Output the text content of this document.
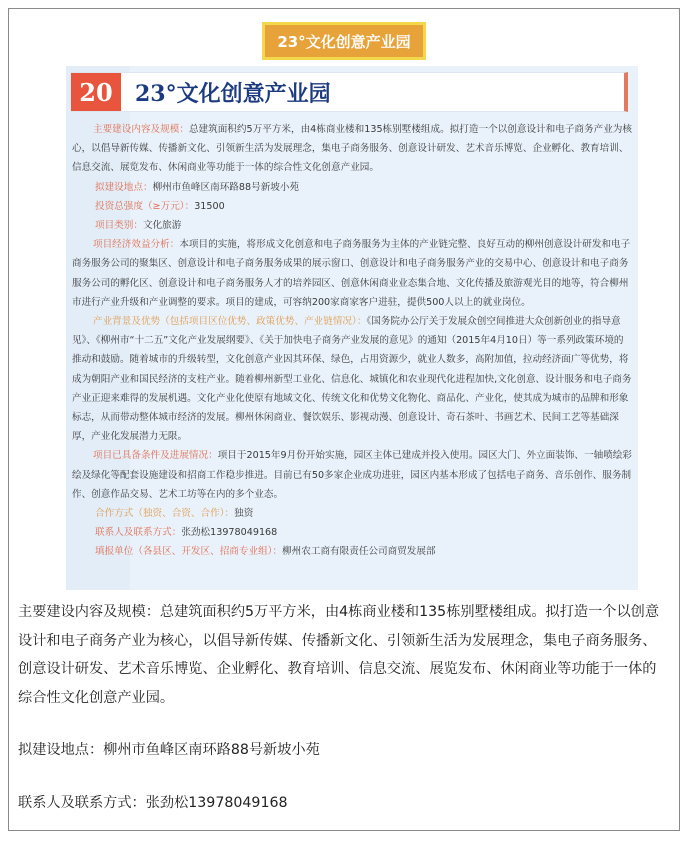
23°文化创意产业园
20	23°文化创意产业园
主要建设内容及规模：总建筑面积约5万平方米，由4栋商业楼和135栋别墅楼组成。拟打造一个以创意设计和电子商务产业为核心，以倡导新传媒、传播新文化、引领新生活为发展理念，集电子商务服务、创意设计研发、艺术音乐博览、企业孵化、教育培训、信息交流、展览发布、休闲商业等功能于一体的综合性文化创意产业园。
拟建设地点：柳州市鱼峰区南环路88号新坡小苑
投资总强度（≥万元）：31500
项目类别：文化旅游
项目经济效益分析：本项目的实施，将形成文化创意和电子商务服务为主体的产业链完整、良好互动的柳州创意设计研发和电子商务服务公司的聚集区、创意设计和电子商务服务成果的展示窗口、创意设计和电子商务服务产业的交易中心、创意设计和电子商务服务公司的孵化区、创意设计和电子商务服务人才的培养园区、创意休闲商业业态集合地、文化传播及旅游观光目的地等，符合柳州市进行产业升级和产业调整的要求。项目的建成，可容纳200家商家客户进驻，提供500人以上的就业岗位。
产业背景及优势（包括项目区位优势、政策优势、产业链情况）：《国务院办公厅关于发展众创空间推进大众创新创业的指导意见》、《柳州市“十二五”文化产业发展纲要》、《关于加快电子商务产业发展的意见》的通知（2015年4月10日）等一系列政策环境的推动和鼓励。随着城市的升级转型，文化创意产业因其环保、绿色，占用资源少，就业人数多，高附加值，拉动经济面广等优势，将成为朝阳产业和国民经济的支柱产业。随着柳州新型工业化、信息化、城镇化和农业现代化进程加快,文化创意、设计服务和电子商务产业正迎来难得的发展机遇。文化产业化使原有地域文化、传统文化和优势文化物化、商品化、产业化，使其成为城市的品牌和形象标志，从而带动整体城市经济的发展。柳州休闲商业、餐饮娱乐、影视动漫、创意设计、奇石茶叶、书画艺术、民间工艺等基础深厚，产业化发展潜力无限。
项目已具备条件及进展情况：项目于2015年9月份开始实施，园区主体已建成并投入使用。园区大门、外立面装饰、一轴喷绘彩绘及绿化等配套设施建设和招商工作稳步推进。目前已有50多家企业成功进驻，园区内基本形成了包括电子商务、音乐创作、服务制作、创意作品交易、艺术工坊等在内的多个业态。
合作方式（独资、合资、合作）：独资
联系人及联系方式：张劲松13978049168
填报单位（各县区、开发区、招商专业组）：柳州农工商有限责任公司商贸发展部

主要建设内容及规模：总建筑面积约5万平方米，由4栋商业楼和135栋别墅楼组成。拟打造一个以创意设计和电子商务产业为核心，以倡导新传媒、传播新文化、引领新生活为发展理念，集电子商务服务、创意设计研发、艺术音乐博览、企业孵化、教育培训、信息交流、展览发布、休闲商业等功能于一体的综合性文化创意产业园。

拟建设地点：柳州市鱼峰区南环路88号新坡小苑

联系人及联系方式：张劲松13978049168
